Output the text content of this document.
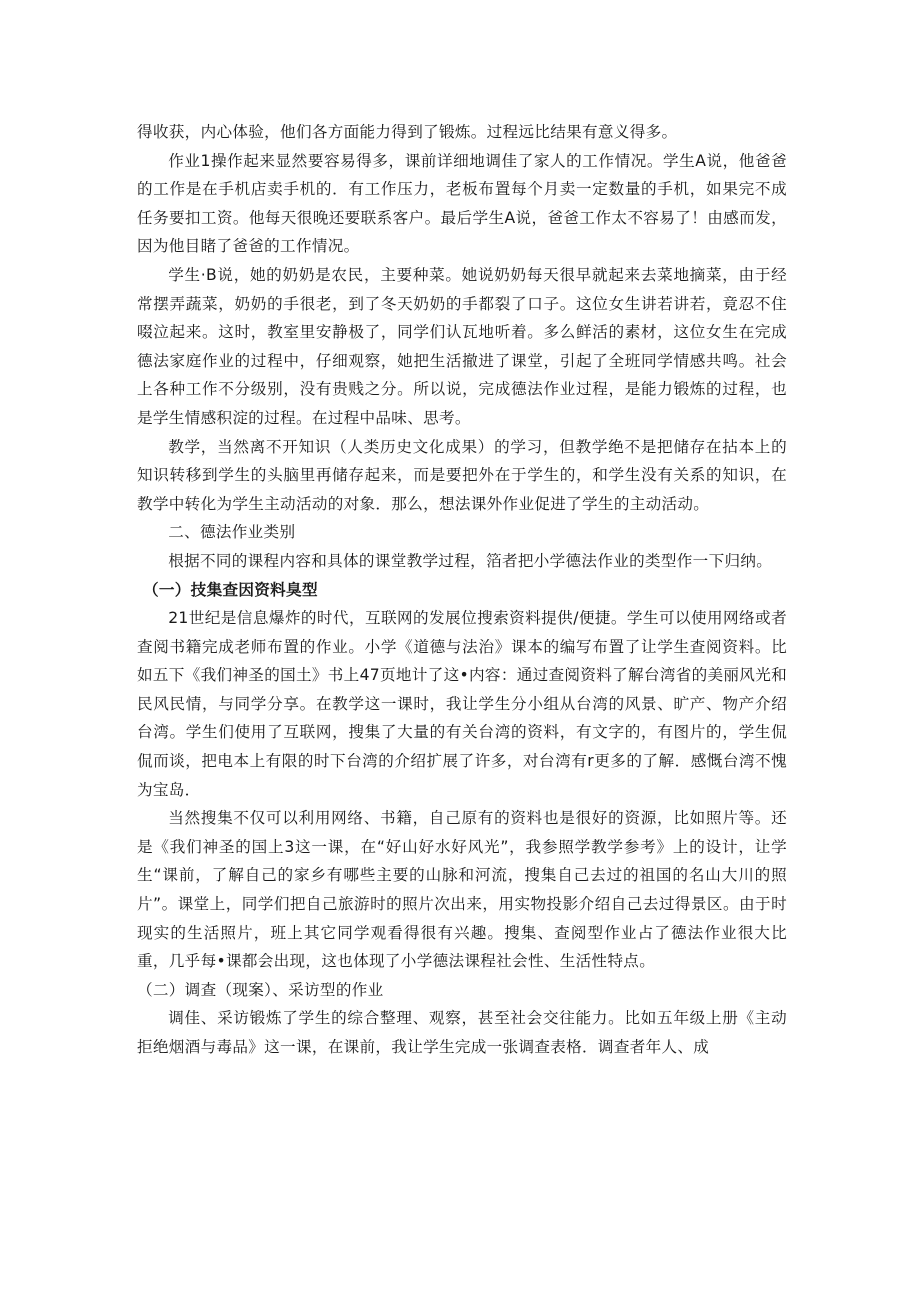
得收获，内心体验，他们各方面能力得到了锻炼。过程远比结果有意义得多。

作业1操作起来显然要容易得多，课前详细地调佳了家人的工作情况。学生A说，他爸爸的工作是在手机店卖手机的．有工作压力，老板布置每个月卖一定数量的手机，如果完不成任务要扣工资。他每天很晚还要联系客户。最后学生A说，爸爸工作太不容易了！由感而发，因为他目睹了爸爸的工作情况。

学生·B说，她的奶奶是农民，主要种菜。她说奶奶每天很早就起来去菜地摘菜，由于经常摆弄蔬菜，奶奶的手很老，到了冬天奶奶的手都裂了口子。这位女生讲若讲若，竟忍不住啜泣起来。这时，教室里安静极了，同学们认瓦地听着。多么鲜活的素材，这位女生在完成德法家庭作业的过程中，仔细观察，她把生活撤进了课堂，引起了全班同学情感共鸣。社会上各种工作不分级别，没有贵贱之分。所以说，完成德法作业过程，是能力锻炼的过程，也是学生情感积淀的过程。在过程中品味、思考。

教学，当然离不开知识（人类历史文化成果）的学习，但教学绝不是把储存在拈本上的知识转移到学生的头脑里再储存起来，而是要把外在于学生的，和学生没有关系的知识，在教学中转化为学生主动活动的对象．那么，想法课外作业促进了学生的主动活动。

二、德法作业类别

根据不同的课程内容和具体的课堂教学过程，箔者把小学德法作业的类型作一下归纳。

（一）技集查因资料臭型

21世纪是信息爆炸的时代，互联网的发展位搜索资料提供/便捷。学生可以使用网络或者查阅书籍完成老师布置的作业。小学《道德与法治》课本的编写布置了让学生查阅资料。比如五下《我们神圣的国土》书上47页地计了这•内容：通过查阅资料了解台湾省的美丽风光和民风民情，与同学分享。在教学这一课时，我让学生分小组从台湾的风景、旷产、物产介绍台湾。学生们使用了互联网，搜集了大量的有关台湾的资料，有文字的，有图片的，学生侃侃而谈，把电本上有限的时下台湾的介绍扩展了许多，对台湾有r更多的了解．感慨台湾不愧为宝岛．

当然搜集不仅可以利用网络、书籍，自己原有的资料也是很好的资源，比如照片等。还是《我们神圣的国上3这一课，在“好山好水好风光”，我参照学教学参考》上的设计，让学生“课前，了解自己的家乡有哪些主要的山脉和河流，搜集自己去过的祖国的名山大川的照片”。课堂上，同学们把自己旅游时的照片次出来，用实物投影介绍自己去过得景区。由于时现实的生活照片，班上其它同学观看得很有兴趣。搜集、查阅型作业占了德法作业很大比重，几乎每•课都会出现，这也体现了小学德法课程社会性、生活性特点。

（二）调查（现案）、采访型的作业

调佳、采访锻炼了学生的综合整理、观察，甚至社会交往能力。比如五年级上册《主动拒绝烟酒与毒品》这一课，在课前，我让学生完成一张调查表格．调查者年人、成
